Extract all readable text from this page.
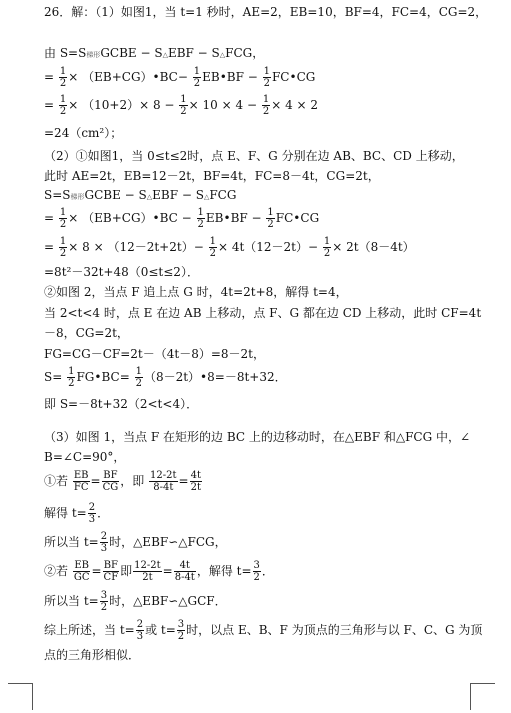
26．解：（1）如图1，当 t=1 秒时，AE=2，EB=10，BF=4，FC=4，CG=2，
由 S=S梯形GCBE − S△EBF − S△FCG，
= $\frac{1}{2}$ × （EB+CG）•BC− $\frac{1}{2}$ EB•BF − $\frac{1}{2}$ FC•CG
= $\frac{1}{2} \times (10+2)\times 8 - \frac{1}{2} \times 10 \times 4 - \frac{1}{2} \times 4 \times 2$
=24（cm²）；
（2）①如图1，当 0≤t≤2时，点 E、F、G 分别在边 AB、BC、CD 上移动，
此时 AE=2t，EB=12－2t，BF=4t，FC=8－4t，CG=2t，
S=S梯形GCBE − S△EBF − S△FCG
= $\frac{1}{2}$ × （EB+CG）•BC − $\frac{1}{2}$ EB•BF − $\frac{1}{2}$ FC•CG
= $\frac{1}{2} \times 8 \times (12-2t+2t)- \frac{1}{2} \times 4t(12-2t)- \frac{1}{2} \times 2t(8-4t)$
=8t²－32t+48（0≤t≤2）．
②如图 2，当点 F 追上点 G 时，4t=2t+8，解得 t=4，
当 2<t<4 时，点 E 在边 AB 上移动，点 F、G 都在边 CD 上移动，此时 CF=4t
－8，CG=2t，
FG=CG－CF=2t－（4t－8）=8－2t，
$S= \frac{1}{2}$ FG•BC= $\frac{1}{2}$ （8－2t）•8=－8t+32．
即 S=－8t+32（2<t<4）．
（3）如图 1，当点 F 在矩形的边 BC 上的边移动时，在△EBF 和△FCG 中，∠
B=∠C=90°，
①若 $\frac{EB}{FC} = \frac{BF}{CG}$ ，即 $\frac{12-2t}{8-4t} = \frac{4t}{2t}$
解得 $t= \frac{2}{3}$ ．
所以当 $t= \frac{2}{3}$ 时，△EBF∽△FCG，
②若 $\frac{EB}{GC} = \frac{BF}{CF}$ 即 $\frac{12-2t}{2t} = \frac{4t}{8-4t}$ ，解得 $t= \frac{3}{2}$ ．
所以当 $t= \frac{3}{2}$ 时，△EBF∽△GCF．
综上所述，当 $t= \frac{2}{3}$ 或 $t= \frac{3}{2}$ 时，以点 E、B、F 为顶点的三角形与以 F、C、G 为顶
点的三角形相似．
